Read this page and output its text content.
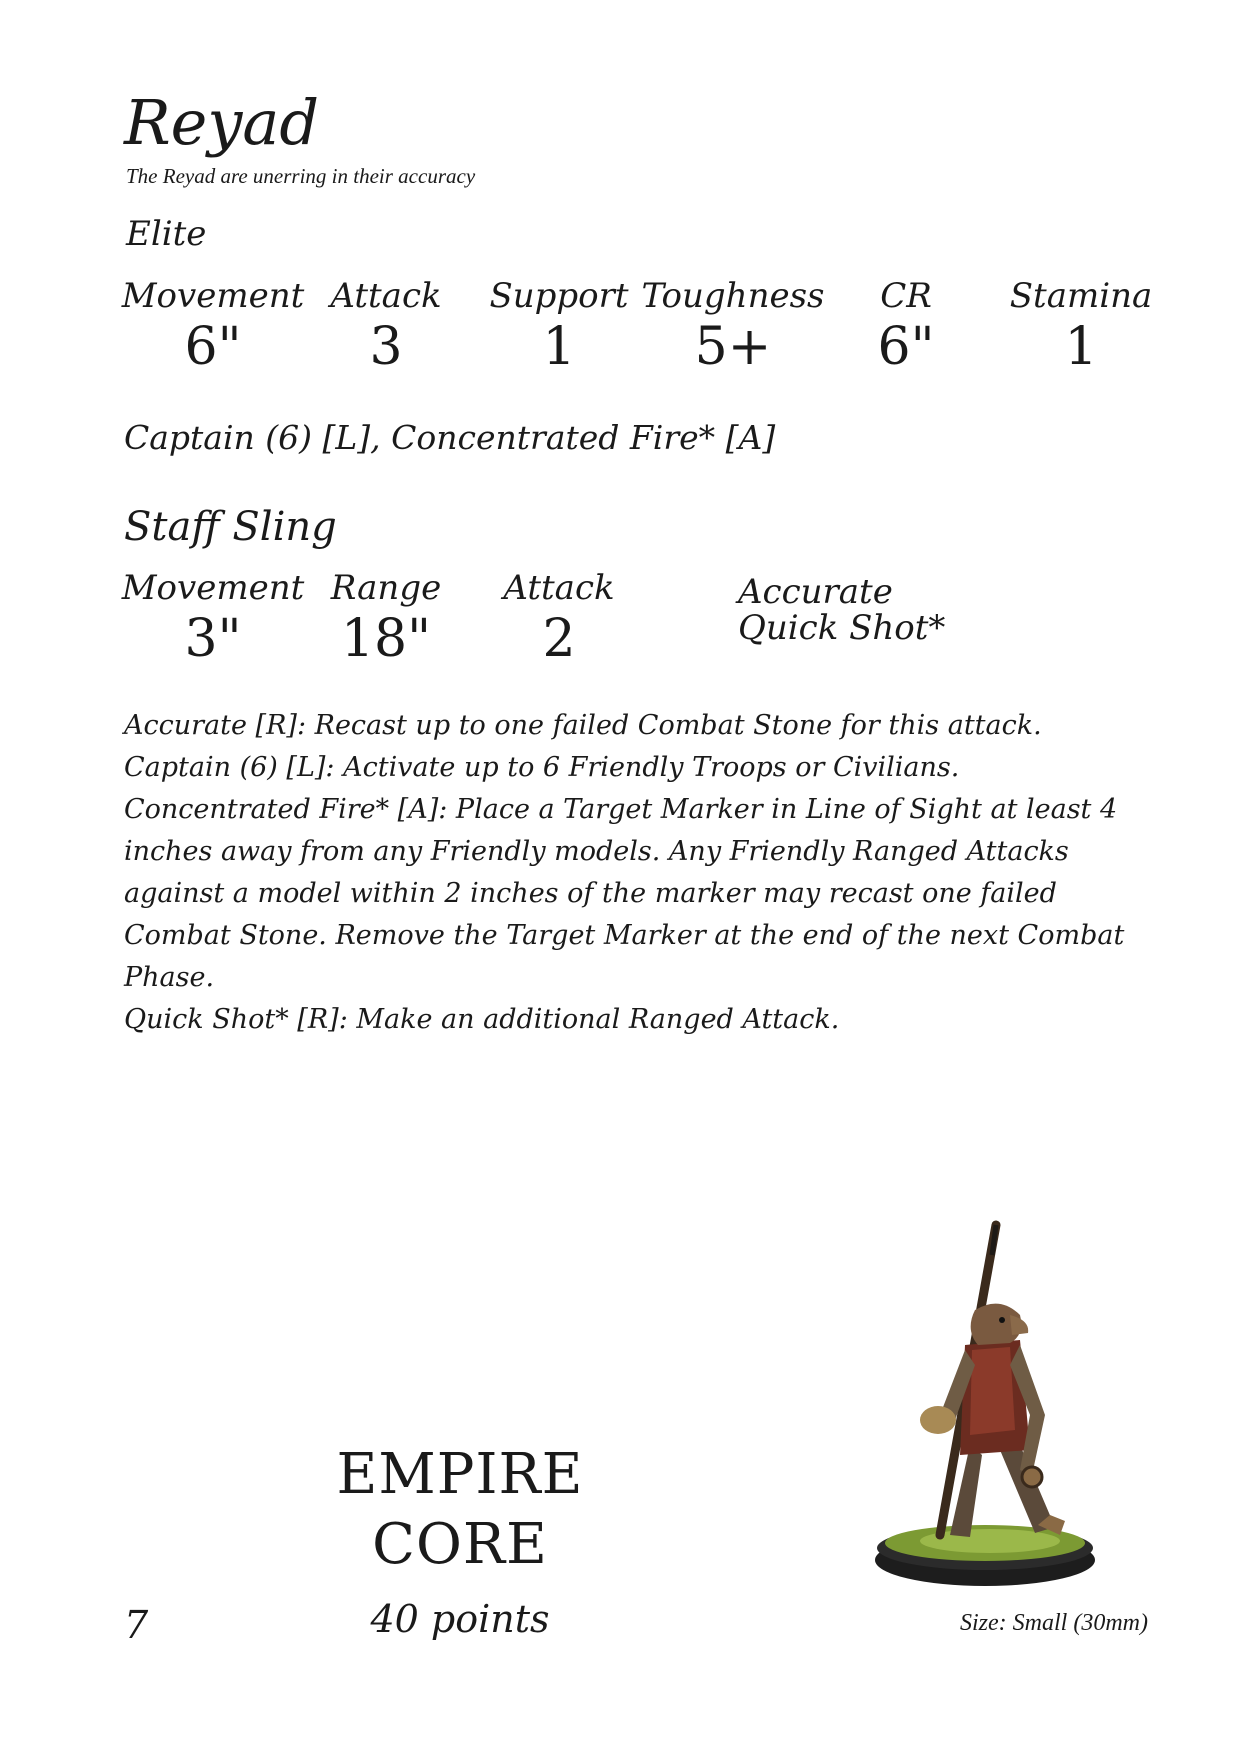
Reyad
The Reyad are unerring in their accuracy
Elite
Movement
6"
Attack
3
Support
1
Toughness
5+
CR
6"
Stamina
1
Captain (6) [L], Concentrated Fire* [A]
Staff Sling
Movement
3"
Range
18"
Attack
2
Accurate
Quick Shot*

Accurate [R]: Recast up to one failed Combat Stone for this attack.

Captain (6) [L]: Activate up to 6 Friendly Troops or Civilians.

Concentrated Fire* [A]: Place a Target Marker in Line of Sight at least 4 inches away from any Friendly models. Any Friendly Ranged Attacks against a model within 2 inches of the marker may recast one failed Combat Stone. Remove the Target Marker at the end of the next Combat Phase.

Quick Shot* [R]: Make an additional Ranged Attack.

EMPIRE
CORE
40 points
7	Size: Small (30mm)
